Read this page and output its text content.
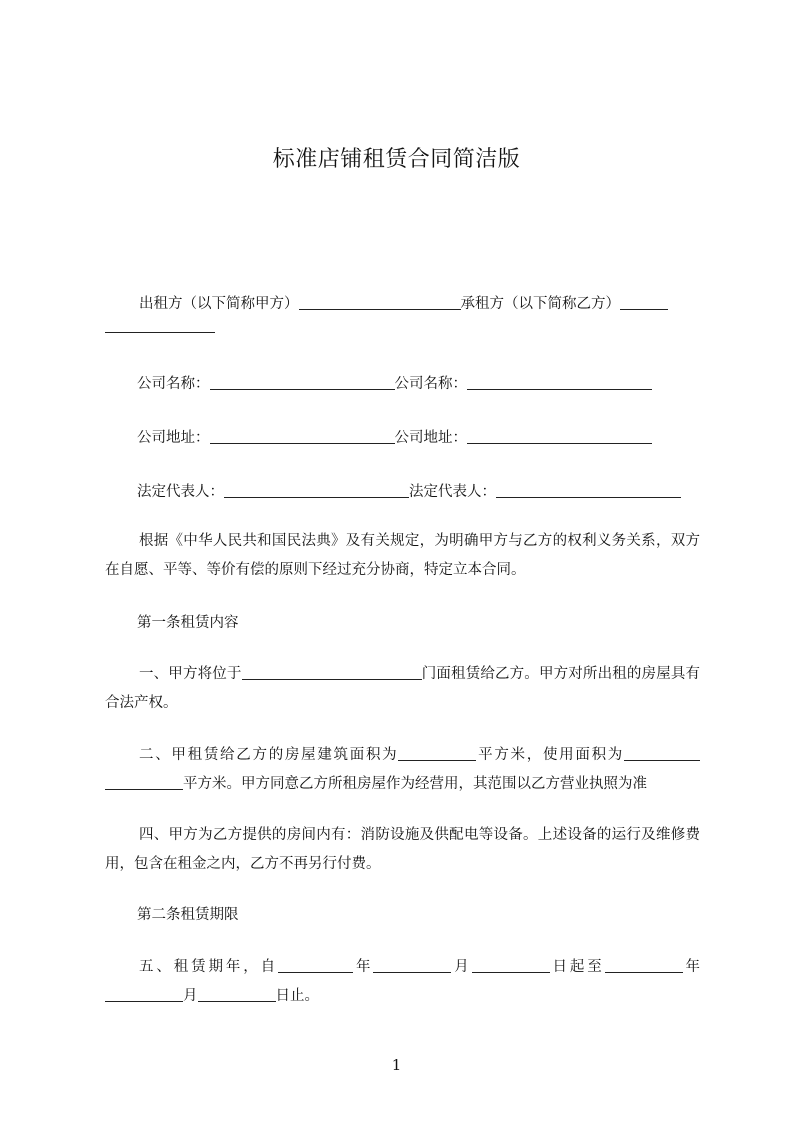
标准店铺租赁合同简洁版
出租方（以下简称甲方）	承租方（以下简称乙方）
公司名称：	公司名称：
公司地址：	公司地址：
法定代表人：	法定代表人：
根据《中华人民共和国民法典》及有关规定，为明确甲方与乙方的权利义务关系，双方在自愿、平等、等价有偿的原则下经过充分协商，特定立本合同。
第一条租赁内容
一、甲方将位于	门面租赁给乙方。甲方对所出租的房屋具有合法产权。
二、甲租赁给乙方的房屋建筑面积为	平方米，使用面积为平方米。甲方同意乙方所租房屋作为经营用，其范围以乙方营业执照为准
四、甲方为乙方提供的房间内有：消防设施及供配电等设备。上述设备的运行及维修费用，包含在租金之内，乙方不再另行付费。
第二条租赁期限
五、租赁期年，自	年	月	日起至	年月	日止。
1
